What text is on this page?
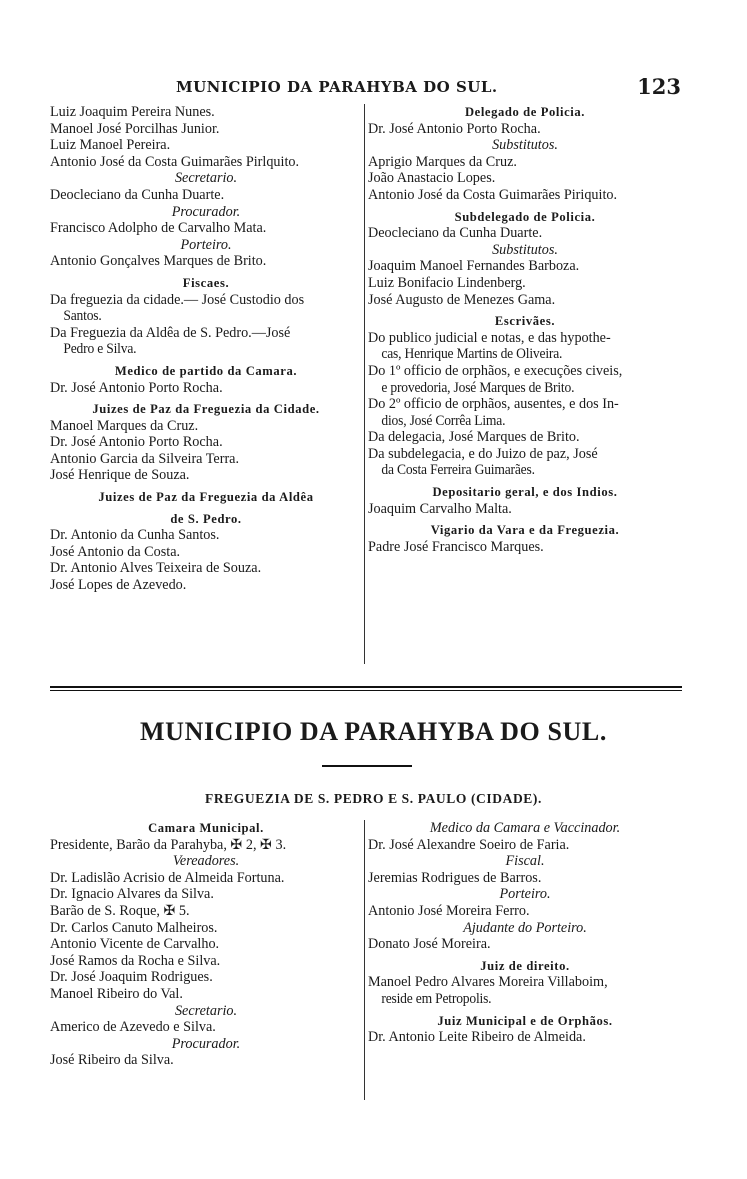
MUNICIPIO DA PARAHYBA DO SUL.	123
Luiz Joaquim Pereira Nunes.
Manoel José Porcilhas Junior.
Luiz Manoel Pereira.
Antonio José da Costa Guimarães Pirlquito.
Secretario.
Deocleciano da Cunha Duarte.
Procurador.
Francisco Adolpho de Carvalho Mata.
Porteiro.
Antonio Gonçalves Marques de Brito.
Fiscaes.
Da freguezia da cidade.— José Custodio dos
Santos.
Da Freguezia da Aldêa de S. Pedro.—José
Pedro e Silva.
Medico de partido da Camara.
Dr. José Antonio Porto Rocha.
Juizes de Paz da Freguezia da Cidade.
Manoel Marques da Cruz.
Dr. José Antonio Porto Rocha.
Antonio Garcia da Silveira Terra.
José Henrique de Souza.
Juizes de Paz da Freguezia da Aldêa
de S. Pedro.
Dr. Antonio da Cunha Santos.
José Antonio da Costa.
Dr. Antonio Alves Teixeira de Souza.
José Lopes de Azevedo.
Delegado de Policia.
Dr. José Antonio Porto Rocha.
Substitutos.
Aprigio Marques da Cruz.
João Anastacio Lopes.
Antonio José da Costa Guimarães Piriquito.
Subdelegado de Policia.
Deocleciano da Cunha Duarte.
Substitutos.
Joaquim Manoel Fernandes Barboza.
Luiz Bonifacio Lindenberg.
José Augusto de Menezes Gama.
Escrivães.
Do publico judicial e notas, e das hypothe-
cas, Henrique Martins de Oliveira.
Do 1º officio de orphãos, e execuções civeis,
e provedoria, José Marques de Brito.
Do 2º officio de orphãos, ausentes, e dos In-
dios, José Corrêa Lima.
Da delegacia, José Marques de Brito.
Da subdelegacia, e do Juizo de paz, José
da Costa Ferreira Guimarães.
Depositario geral, e dos Indios.
Joaquim Carvalho Malta.
Vigario da Vara e da Freguezia.
Padre José Francisco Marques.
MUNICIPIO DA PARAHYBA DO SUL.
FREGUEZIA DE S. PEDRO E S. PAULO (CIDADE).
Camara Municipal.
Presidente, Barão da Parahyba, ✠ 2, ✠ 3.
Vereadores.
Dr. Ladislão Acrisio de Almeida Fortuna.
Dr. Ignacio Alvares da Silva.
Barão de S. Roque, ✠ 5.
Dr. Carlos Canuto Malheiros.
Antonio Vicente de Carvalho.
José Ramos da Rocha e Silva.
Dr. José Joaquim Rodrigues.
Manoel Ribeiro do Val.
Secretario.
Americo de Azevedo e Silva.
Procurador.
José Ribeiro da Silva.
Medico da Camara e Vaccinador.
Dr. José Alexandre Soeiro de Faria.
Fiscal.
Jeremias Rodrigues de Barros.
Porteiro.
Antonio José Moreira Ferro.
Ajudante do Porteiro.
Donato José Moreira.
Juiz de direito.
Manoel Pedro Alvares Moreira Villaboim,
reside em Petropolis.
Juiz Municipal e de Orphãos.
Dr. Antonio Leite Ribeiro de Almeida.
